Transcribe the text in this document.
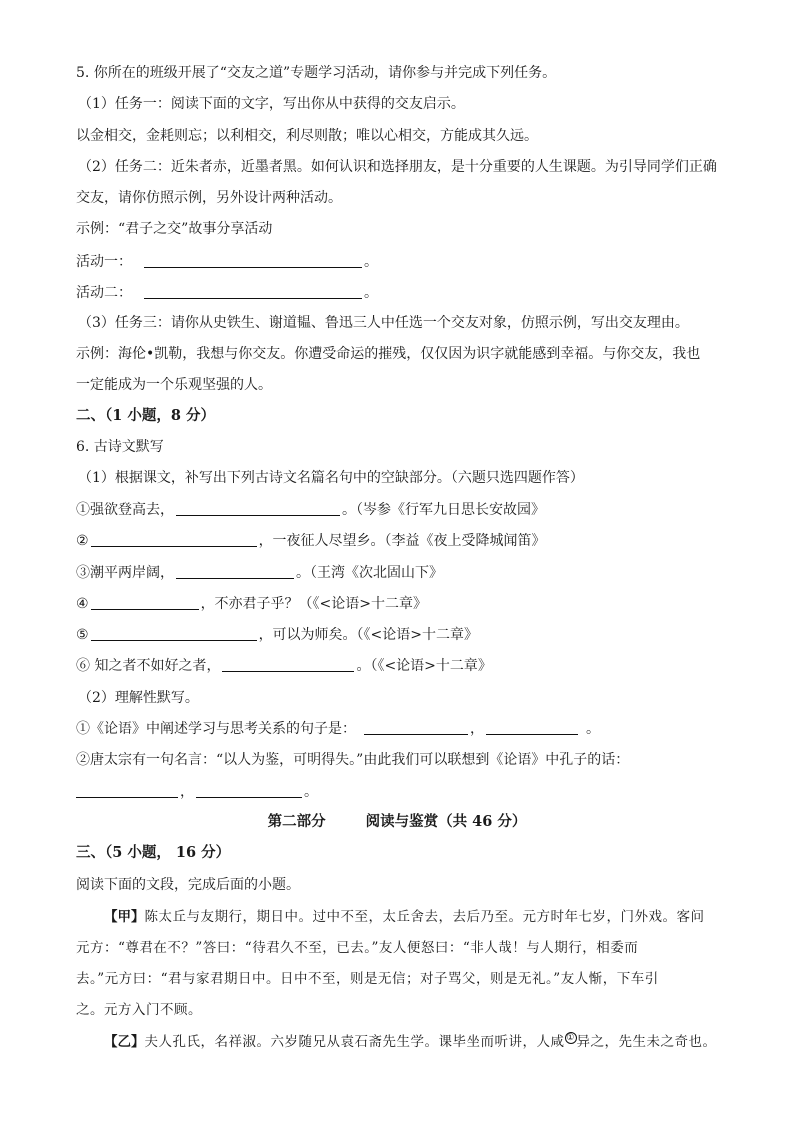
5. 你所在的班级开展了“交友之道”专题学习活动，请你参与并完成下列任务。
（1）任务一：阅读下面的文字，写出你从中获得的交友启示。
以金相交，金耗则忘；以利相交，利尽则散；唯以心相交，方能成其久远。
（2）任务二：近朱者赤，近墨者黑。如何认识和选择朋友，是十分重要的人生课题。为引导同学们正确
交友，请你仿照示例，另外设计两种活动。
示例：“君子之交”故事分享活动
活动一：	。
活动二：	。
（3）任务三：请你从史铁生、谢道韫、鲁迅三人中任选一个交友对象，仿照示例，写出交友理由。
示例：海伦•凯勒，我想与你交友。你遭受命运的摧残，仅仅因为识字就能感到幸福。与你交友，我也
一定能成为一个乐观坚强的人。
二、（1 小题，8 分）
6. 古诗文默写
（1）根据课文，补写出下列古诗文名篇名句中的空缺部分。（六题只选四题作答）
①强欲登高去，	。（岑参《行军九日思长安故园》
②	，一夜征人尽望乡。（李益《夜上受降城闻笛》
③潮平两岸阔，	。（王湾《次北固山下》
④	，不亦君子乎？（《<论语>十二章》
⑤	，可以为师矣。（《<论语>十二章》
⑥ 知之者不如好之者，	。（《<论语>十二章》
（2）理解性默写。
①《论语》中阐述学习与思考关系的句子是：	，	。
②唐太宗有一句名言：“以人为鉴，可明得失。”由此我们可以联想到《论语》中孔子的话：
，	。
第二部分	阅读与鉴赏（共 46 分）
三、（5 小题， 16 分）
阅读下面的文段，完成后面的小题。
【甲】陈太丘与友期行，期日中。过中不至，太丘舍去，去后乃至。元方时年七岁，门外戏。客问
元方：“尊君在不？”答曰：“待君久不至，已去。”友人便怒曰：“非人哉！与人期行，相委而
去。”元方曰：“君与家君期日中。日中不至，则是无信；对子骂父，则是无礼。”友人惭，下车引
之。元方入门不顾。
【乙】夫人孔氏，名祥淑。六岁随兄从袁石斋先生学。课毕坐而听讲，人咸 ① 异之，先生未之奇也。
